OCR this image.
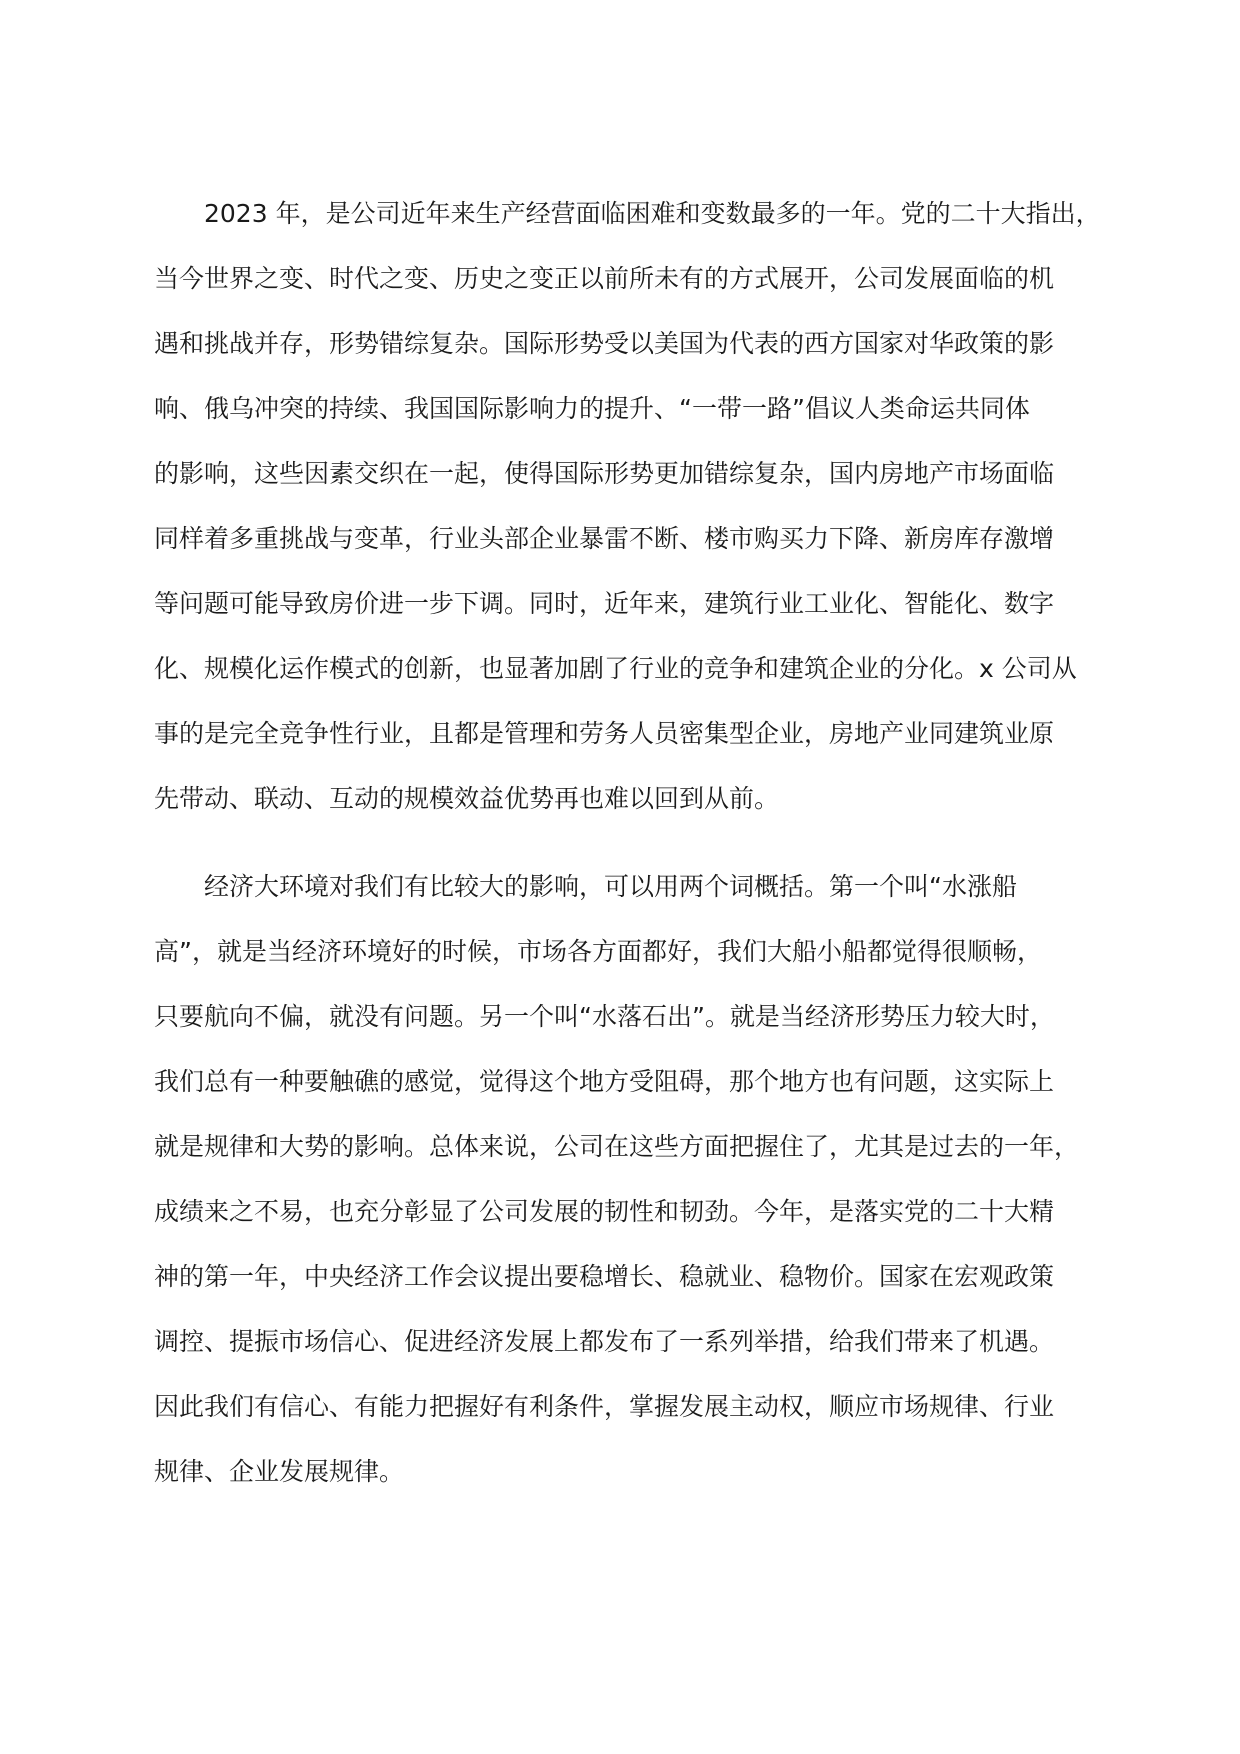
2023 年，是公司近年来生产经营面临困难和变数最多的一年。党的二十大指出，
当今世界之变、时代之变、历史之变正以前所未有的方式展开，公司发展面临的机
遇和挑战并存，形势错综复杂。国际形势受以美国为代表的西方国家对华政策的影
响、俄乌冲突的持续、我国国际影响力的提升、“一带一路”倡议人类命运共同体
的影响，这些因素交织在一起，使得国际形势更加错综复杂，国内房地产市场面临
同样着多重挑战与变革，行业头部企业暴雷不断、楼市购买力下降、新房库存激增
等问题可能导致房价进一步下调。同时，近年来，建筑行业工业化、智能化、数字
化、规模化运作模式的创新，也显著加剧了行业的竞争和建筑企业的分化。x 公司从
事的是完全竞争性行业，且都是管理和劳务人员密集型企业，房地产业同建筑业原
先带动、联动、互动的规模效益优势再也难以回到从前。
经济大环境对我们有比较大的影响，可以用两个词概括。第一个叫“水涨船
高”，就是当经济环境好的时候，市场各方面都好，我们大船小船都觉得很顺畅，
只要航向不偏，就没有问题。另一个叫“水落石出”。就是当经济形势压力较大时，
我们总有一种要触礁的感觉，觉得这个地方受阻碍，那个地方也有问题，这实际上
就是规律和大势的影响。总体来说，公司在这些方面把握住了，尤其是过去的一年，
成绩来之不易，也充分彰显了公司发展的韧性和韧劲。今年，是落实党的二十大精
神的第一年，中央经济工作会议提出要稳增长、稳就业、稳物价。国家在宏观政策
调控、提振市场信心、促进经济发展上都发布了一系列举措，给我们带来了机遇。
因此我们有信心、有能力把握好有利条件，掌握发展主动权，顺应市场规律、行业
规律、企业发展规律。
